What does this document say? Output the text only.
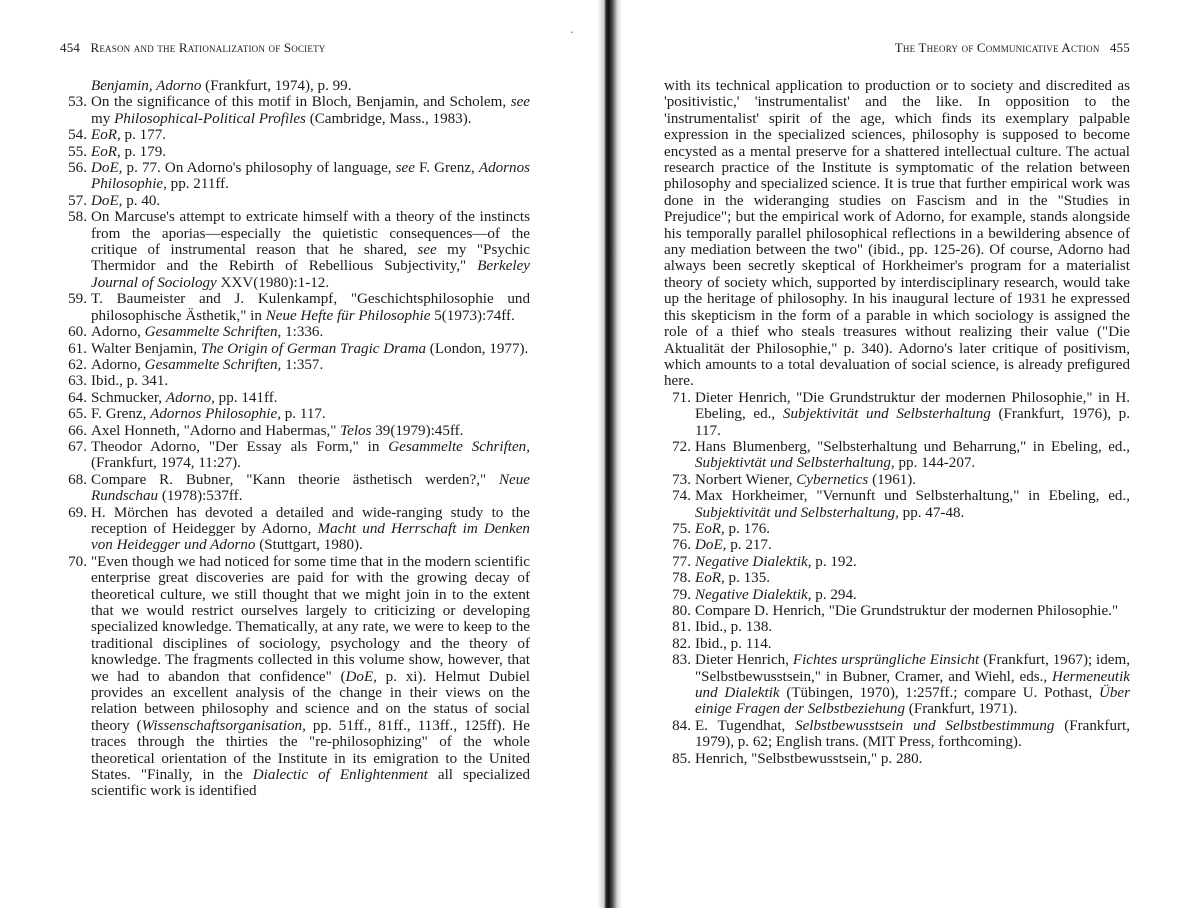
454 Reason and the Rationalization of Society
Benjamin, Adorno (Frankfurt, 1974), p. 99.
53. On the significance of this motif in Bloch, Benjamin, and Scholem, see my Philosophical-Political Profiles (Cambridge, Mass., 1983).
54. EoR, p. 177.
55. EoR, p. 179.
56. DoE, p. 77. On Adorno's philosophy of language, see F. Grenz, Adornos Philosophie, pp. 211ff.
57. DoE, p. 40.
58. On Marcuse's attempt to extricate himself with a theory of the instincts from the aporias—especially the quietistic consequences—of the critique of instrumental reason that he shared, see my "Psychic Thermidor and the Rebirth of Rebellious Subjectivity," Berkeley Journal of Sociology XXV(1980):1-12.
59. T. Baumeister and J. Kulenkampf, "Geschichtsphilosophie und philosophische Ästhetik," in Neue Hefte für Philosophie 5(1973):74ff.
60. Adorno, Gesammelte Schriften, 1:336.
61. Walter Benjamin, The Origin of German Tragic Drama (London, 1977).
62. Adorno, Gesammelte Schriften, 1:357.
63. Ibid., p. 341.
64. Schmucker, Adorno, pp. 141ff.
65. F. Grenz, Adornos Philosophie, p. 117.
66. Axel Honneth, "Adorno and Habermas," Telos 39(1979):45ff.
67. Theodor Adorno, "Der Essay als Form," in Gesammelte Schriften, (Frankfurt, 1974, 11:27).
68. Compare R. Bubner, "Kann theorie ästhetisch werden?," Neue Rundschau (1978):537ff.
69. H. Mörchen has devoted a detailed and wide-ranging study to the reception of Heidegger by Adorno, Macht und Herrschaft im Denken von Heidegger und Adorno (Stuttgart, 1980).
70. "Even though we had noticed for some time that in the modern scientific enterprise great discoveries are paid for with the growing decay of theoretical culture, we still thought that we might join in to the extent that we would restrict ourselves largely to criticizing or developing specialized knowledge. Thematically, at any rate, we were to keep to the traditional disciplines of sociology, psychology and the theory of knowledge. The fragments collected in this volume show, however, that we had to abandon that confidence" (DoE, p. xi). Helmut Dubiel provides an excellent analysis of the change in their views on the relation between philosophy and science and on the status of social theory (Wissenschaftsorganisation, pp. 51ff., 81ff., 113ff., 125ff). He traces through the thirties the "re-philosophizing" of the whole theoretical orientation of the Institute in its emigration to the United States. "Finally, in the Dialectic of Enlightenment all specialized scientific work is identified
·
The Theory of Communicative Action 455
with its technical application to production or to society and discredited as 'positivistic,' 'instrumentalist' and the like. In opposition to the 'instrumentalist' spirit of the age, which finds its exemplary palpable expression in the specialized sciences, philosophy is supposed to become encysted as a mental preserve for a shattered intellectual culture. The actual research practice of the Institute is symptomatic of the relation between philosophy and specialized science. It is true that further empirical work was done in the wideranging studies on Fascism and in the "Studies in Prejudice"; but the empirical work of Adorno, for example, stands alongside his temporally parallel philosophical reflections in a bewildering absence of any mediation between the two" (ibid., pp. 125-26). Of course, Adorno had always been secretly skeptical of Horkheimer's program for a materialist theory of society which, supported by interdisciplinary research, would take up the heritage of philosophy. In his inaugural lecture of 1931 he expressed this skepticism in the form of a parable in which sociology is assigned the role of a thief who steals treasures without realizing their value ("Die Aktualität der Philosophie," p. 340). Adorno's later critique of positivism, which amounts to a total devaluation of social science, is already prefigured here.
71. Dieter Henrich, "Die Grundstruktur der modernen Philosophie," in H. Ebeling, ed., Subjektivität und Selbsterhaltung (Frankfurt, 1976), p. 117.
72. Hans Blumenberg, "Selbsterhaltung und Beharrung," in Ebeling, ed., Subjektivtät und Selbsterhaltung, pp. 144-207.
73. Norbert Wiener, Cybernetics (1961).
74. Max Horkheimer, "Vernunft und Selbsterhaltung," in Ebeling, ed., Subjektivität und Selbsterhaltung, pp. 47-48.
75. EoR, p. 176.
76. DoE, p. 217.
77. Negative Dialektik, p. 192.
78. EoR, p. 135.
79. Negative Dialektik, p. 294.
80. Compare D. Henrich, "Die Grundstruktur der modernen Philosophie."
81. Ibid., p. 138.
82. Ibid., p. 114.
83. Dieter Henrich, Fichtes ursprüngliche Einsicht (Frankfurt, 1967); idem, "Selbstbewusstsein," in Bubner, Cramer, and Wiehl, eds., Hermeneutik und Dialektik (Tübingen, 1970), 1:257ff.; compare U. Pothast, Über einige Fragen der Selbstbeziehung (Frankfurt, 1971).
84. E. Tugendhat, Selbstbewusstsein und Selbstbestimmung (Frankfurt, 1979), p. 62; English trans. (MIT Press, forthcoming).
85. Henrich, "Selbstbewusstsein," p. 280.
